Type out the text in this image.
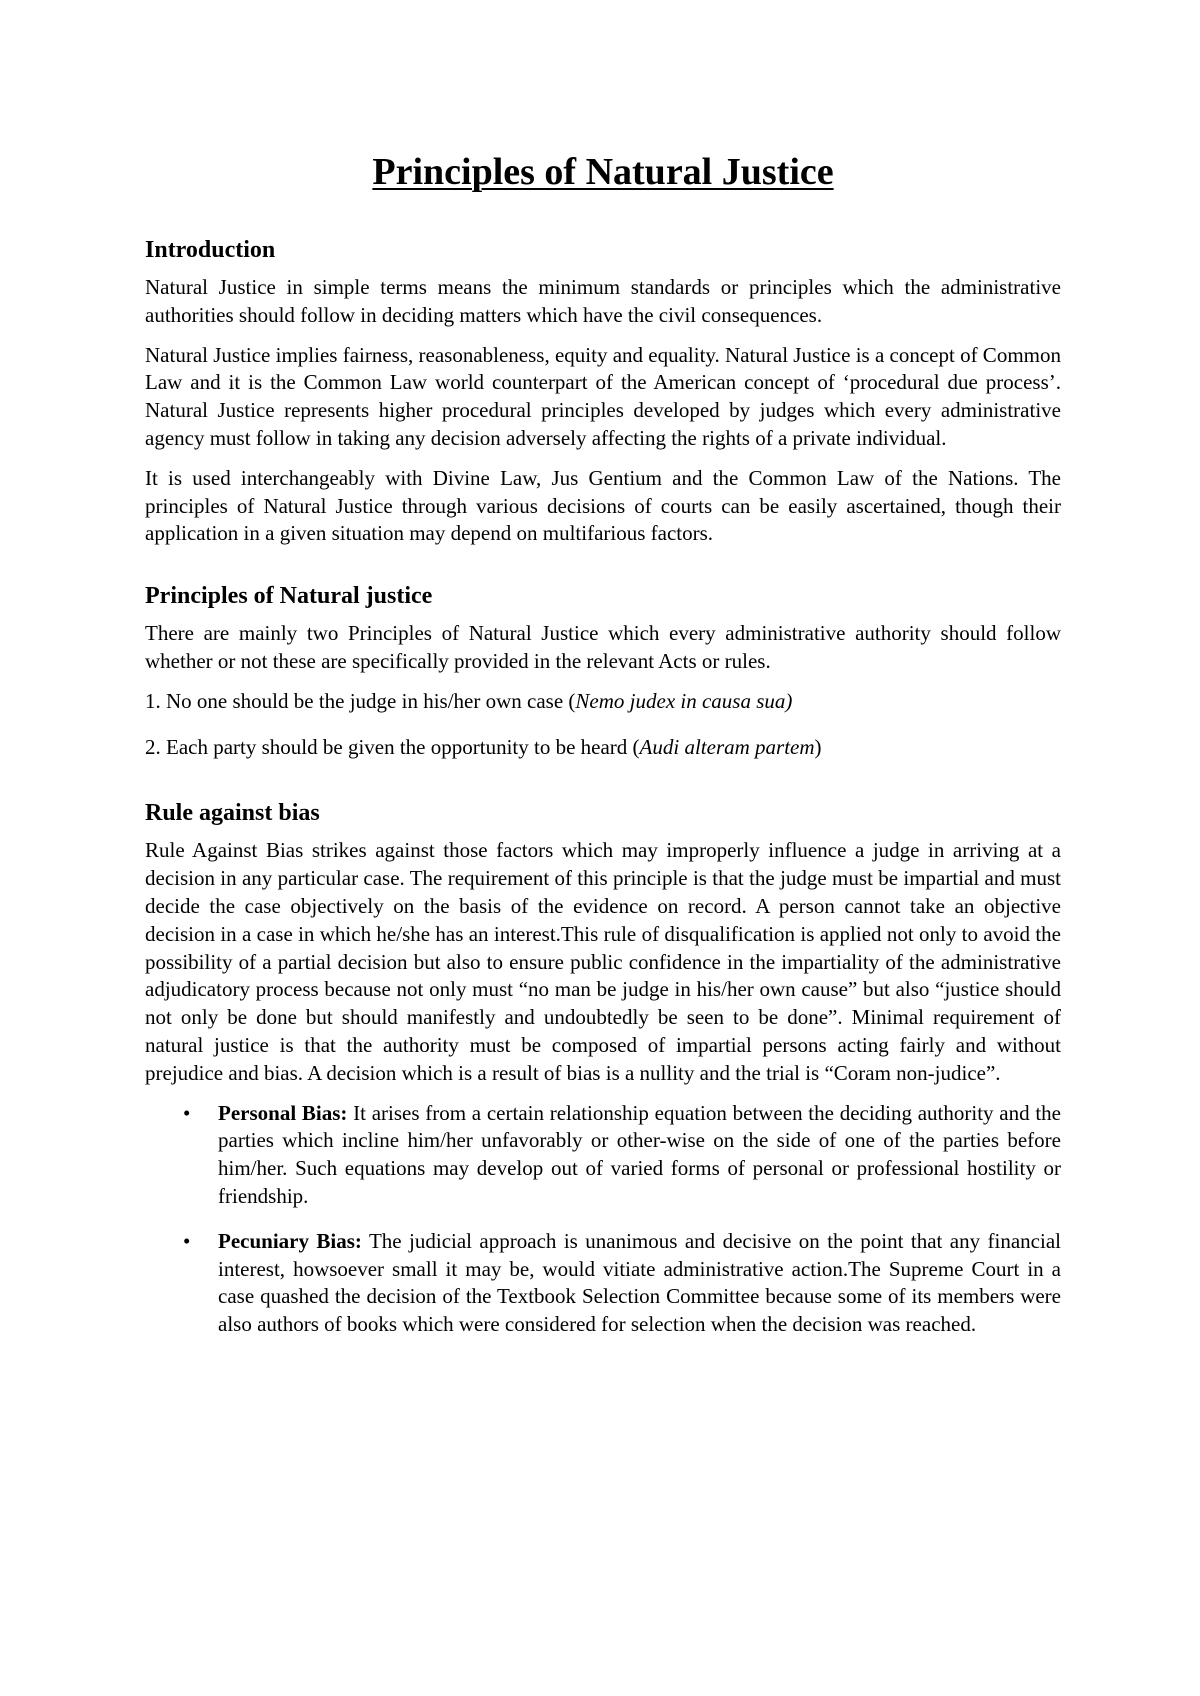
Principles of Natural Justice
Introduction

Natural Justice in simple terms means the minimum standards or principles which the administrative authorities should follow in deciding matters which have the civil consequences.

Natural Justice implies fairness, reasonableness, equity and equality. Natural Justice is a concept of Common Law and it is the Common Law world counterpart of the American concept of ‘procedural due process’. Natural Justice represents higher procedural principles developed by judges which every administrative agency must follow in taking any decision adversely affecting the rights of a private individual.

It is used interchangeably with Divine Law, Jus Gentium and the Common Law of the Nations. The principles of Natural Justice through various decisions of courts can be easily ascertained, though their application in a given situation may depend on multifarious factors.

Principles of Natural justice

There are mainly two Principles of Natural Justice which every administrative authority should follow whether or not these are specifically provided in the relevant Acts or rules.

1. No one should be the judge in his/her own case (Nemo judex in causa sua)
2. Each party should be given the opportunity to be heard (Audi alteram partem)
Rule against bias

Rule Against Bias strikes against those factors which may improperly influence a judge in arriving at a decision in any particular case. The requirement of this principle is that the judge must be impartial and must decide the case objectively on the basis of the evidence on record. A person cannot take an objective decision in a case in which he/she has an interest.This rule of disqualification is applied not only to avoid the possibility of a partial decision but also to ensure public confidence in the impartiality of the administrative adjudicatory process because not only must “no man be judge in his/her own cause” but also “justice should not only be done but should manifestly and undoubtedly be seen to be done”. Minimal requirement of natural justice is that the authority must be composed of impartial persons acting fairly and without prejudice and bias. A decision which is a result of bias is a nullity and the trial is “Coram non-judice”.

• Personal Bias: It arises from a certain relationship equation between the deciding authority and the parties which incline him/her unfavorably or other-wise on the side of one of the parties before him/her. Such equations may develop out of varied forms of personal or professional hostility or friendship.
• Pecuniary Bias: The judicial approach is unanimous and decisive on the point that any financial interest, howsoever small it may be, would vitiate administrative action.The Supreme Court in a case quashed the decision of the Textbook Selection Committee because some of its members were also authors of books which were considered for selection when the decision was reached.
